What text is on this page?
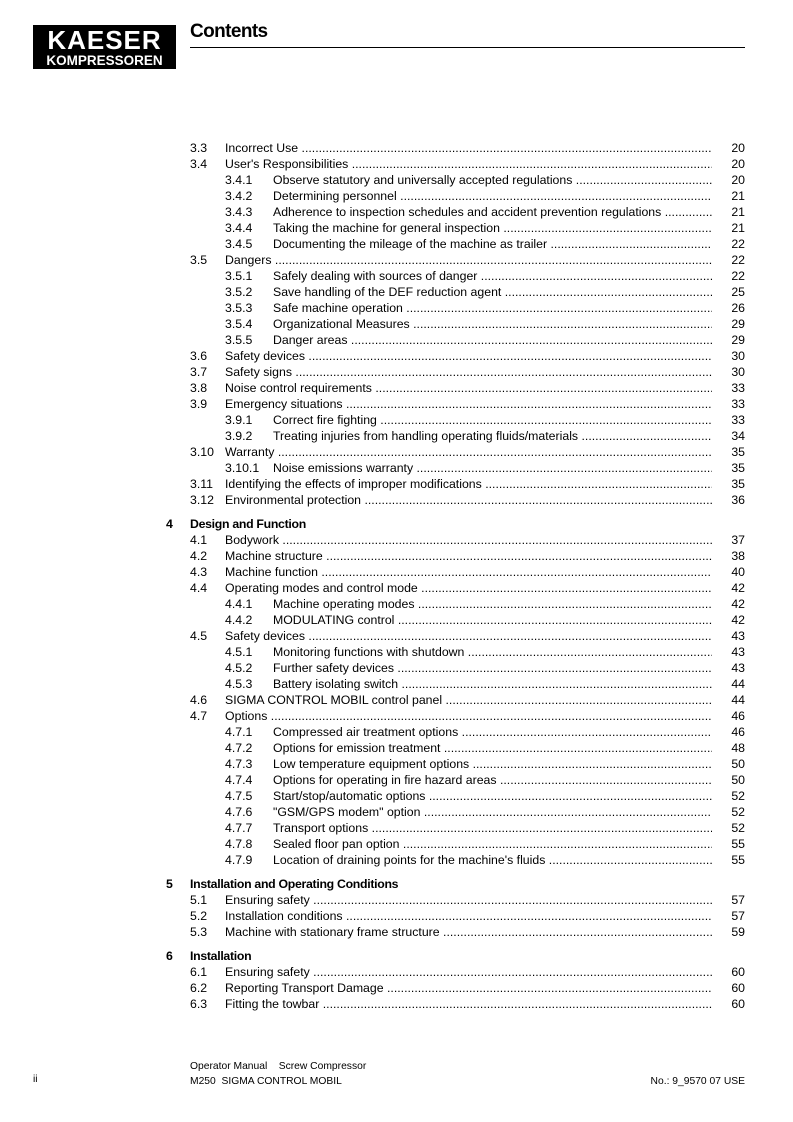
KAESER
KOMPRESSOREN
Contents
3.3 Incorrect Use .....	20
3.4 User's Responsibilities .....	20
3.4.1 Observe statutory and universally accepted regulations .....	20
3.4.2 Determining personnel .....	21
3.4.3 Adherence to inspection schedules and accident prevention regulations .....	21
3.4.4 Taking the machine for general inspection .....	21
3.4.5 Documenting the mileage of the machine as trailer .....	22
3.5 Dangers .....	22
3.5.1 Safely dealing with sources of danger .....	22
3.5.2 Save handling of the DEF reduction agent .....	25
3.5.3 Safe machine operation .....	26
3.5.4 Organizational Measures .....	29
3.5.5 Danger areas .....	29
3.6 Safety devices .....	30
3.7 Safety signs .....	30
3.8 Noise control requirements .....	33
3.9 Emergency situations .....	33
3.9.1 Correct fire fighting .....	33
3.9.2 Treating injuries from handling operating fluids/materials .....	34
3.10 Warranty .....	35
3.10.1 Noise emissions warranty .....	35
3.11 Identifying the effects of improper modifications .....	35
3.12 Environmental protection .....	36
4 Design and Function
4.1 Bodywork .....	37
4.2 Machine structure .....	38
4.3 Machine function .....	40
4.4 Operating modes and control mode .....	42
4.4.1 Machine operating modes .....	42
4.4.2 MODULATING control .....	42
4.5 Safety devices .....	43
4.5.1 Monitoring functions with shutdown .....	43
4.5.2 Further safety devices .....	43
4.5.3 Battery isolating switch .....	44
4.6 SIGMA CONTROL MOBIL control panel .....	44
4.7 Options .....	46
4.7.1 Compressed air treatment options .....	46
4.7.2 Options for emission treatment .....	48
4.7.3 Low temperature equipment options .....	50
4.7.4 Options for operating in fire hazard areas .....	50
4.7.5 Start/stop/automatic options .....	52
4.7.6 "GSM/GPS modem" option .....	52
4.7.7 Transport options .....	52
4.7.8 Sealed floor pan option .....	55
4.7.9 Location of draining points for the machine's fluids .....	55
5 Installation and Operating Conditions
5.1 Ensuring safety .....	57
5.2 Installation conditions .....	57
5.3 Machine with stationary frame structure .....	59
6 Installation
6.1 Ensuring safety .....	60
6.2 Reporting Transport Damage .....	60
6.3 Fitting the towbar .....	60
ii
Operator Manual    Screw Compressor
M250  SIGMA CONTROL MOBIL	No.: 9_9570 07 USE
